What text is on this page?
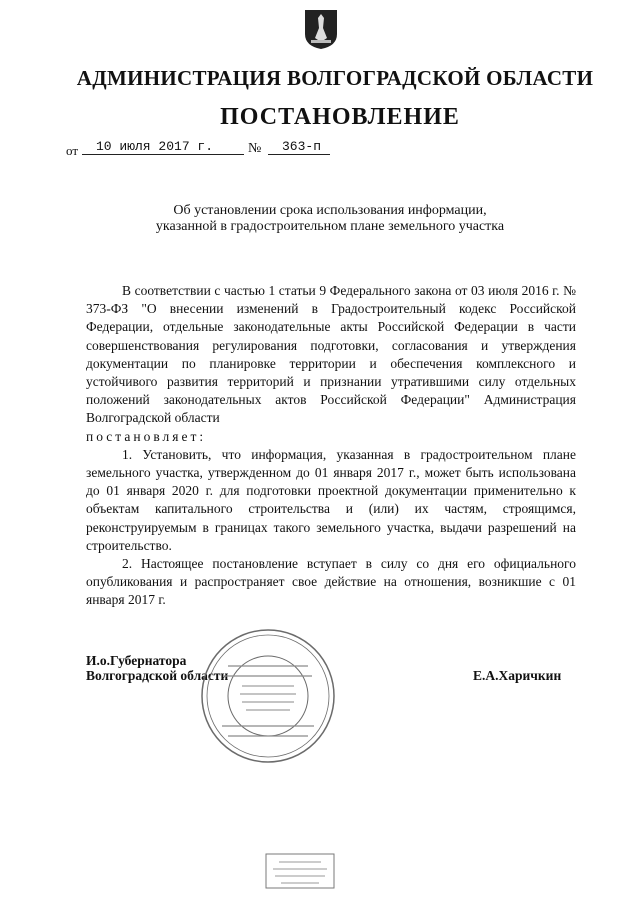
АДМИНИСТРАЦИЯ ВОЛГОГРАДСКОЙ ОБЛАСТИ
ПОСТАНОВЛЕНИЕ
от	10 июля 2017 г.	№	363-п
Об установлении срока использования информации,
указанной в градостроительном плане земельного участка

В соответствии с частью 1 статьи 9 Федерального закона от 03 июля 2016 г. № 373-ФЗ "О внесении изменений в Градостроительный кодекс Российской Федерации, отдельные законодательные акты Российской Федерации в части совершенствования регулирования подготовки, согласования и утверждения документации по планировке территории и обеспечения комплексного и устойчивого развития территорий и признании утратившими силу отдельных положений законодательных актов Российской Федерации" Администрация Волгоградской области

постановляет:

1. Установить, что информация, указанная в градостроительном плане земельного участка, утвержденном до 01 января 2017 г., может быть использована до 01 января 2020 г. для подготовки проектной документации применительно к объектам капитального строительства и (или) их частям, строящимся, реконструируемым в границах такого земельного участка, выдачи разрешений на строительство.

2. Настоящее постановление вступает в силу со дня его официального опубликования и распространяет свое действие на отношения, возникшие с 01 января 2017 г.

И.о.Губернатора
Волгоградской области	Е.А.Харичкин
